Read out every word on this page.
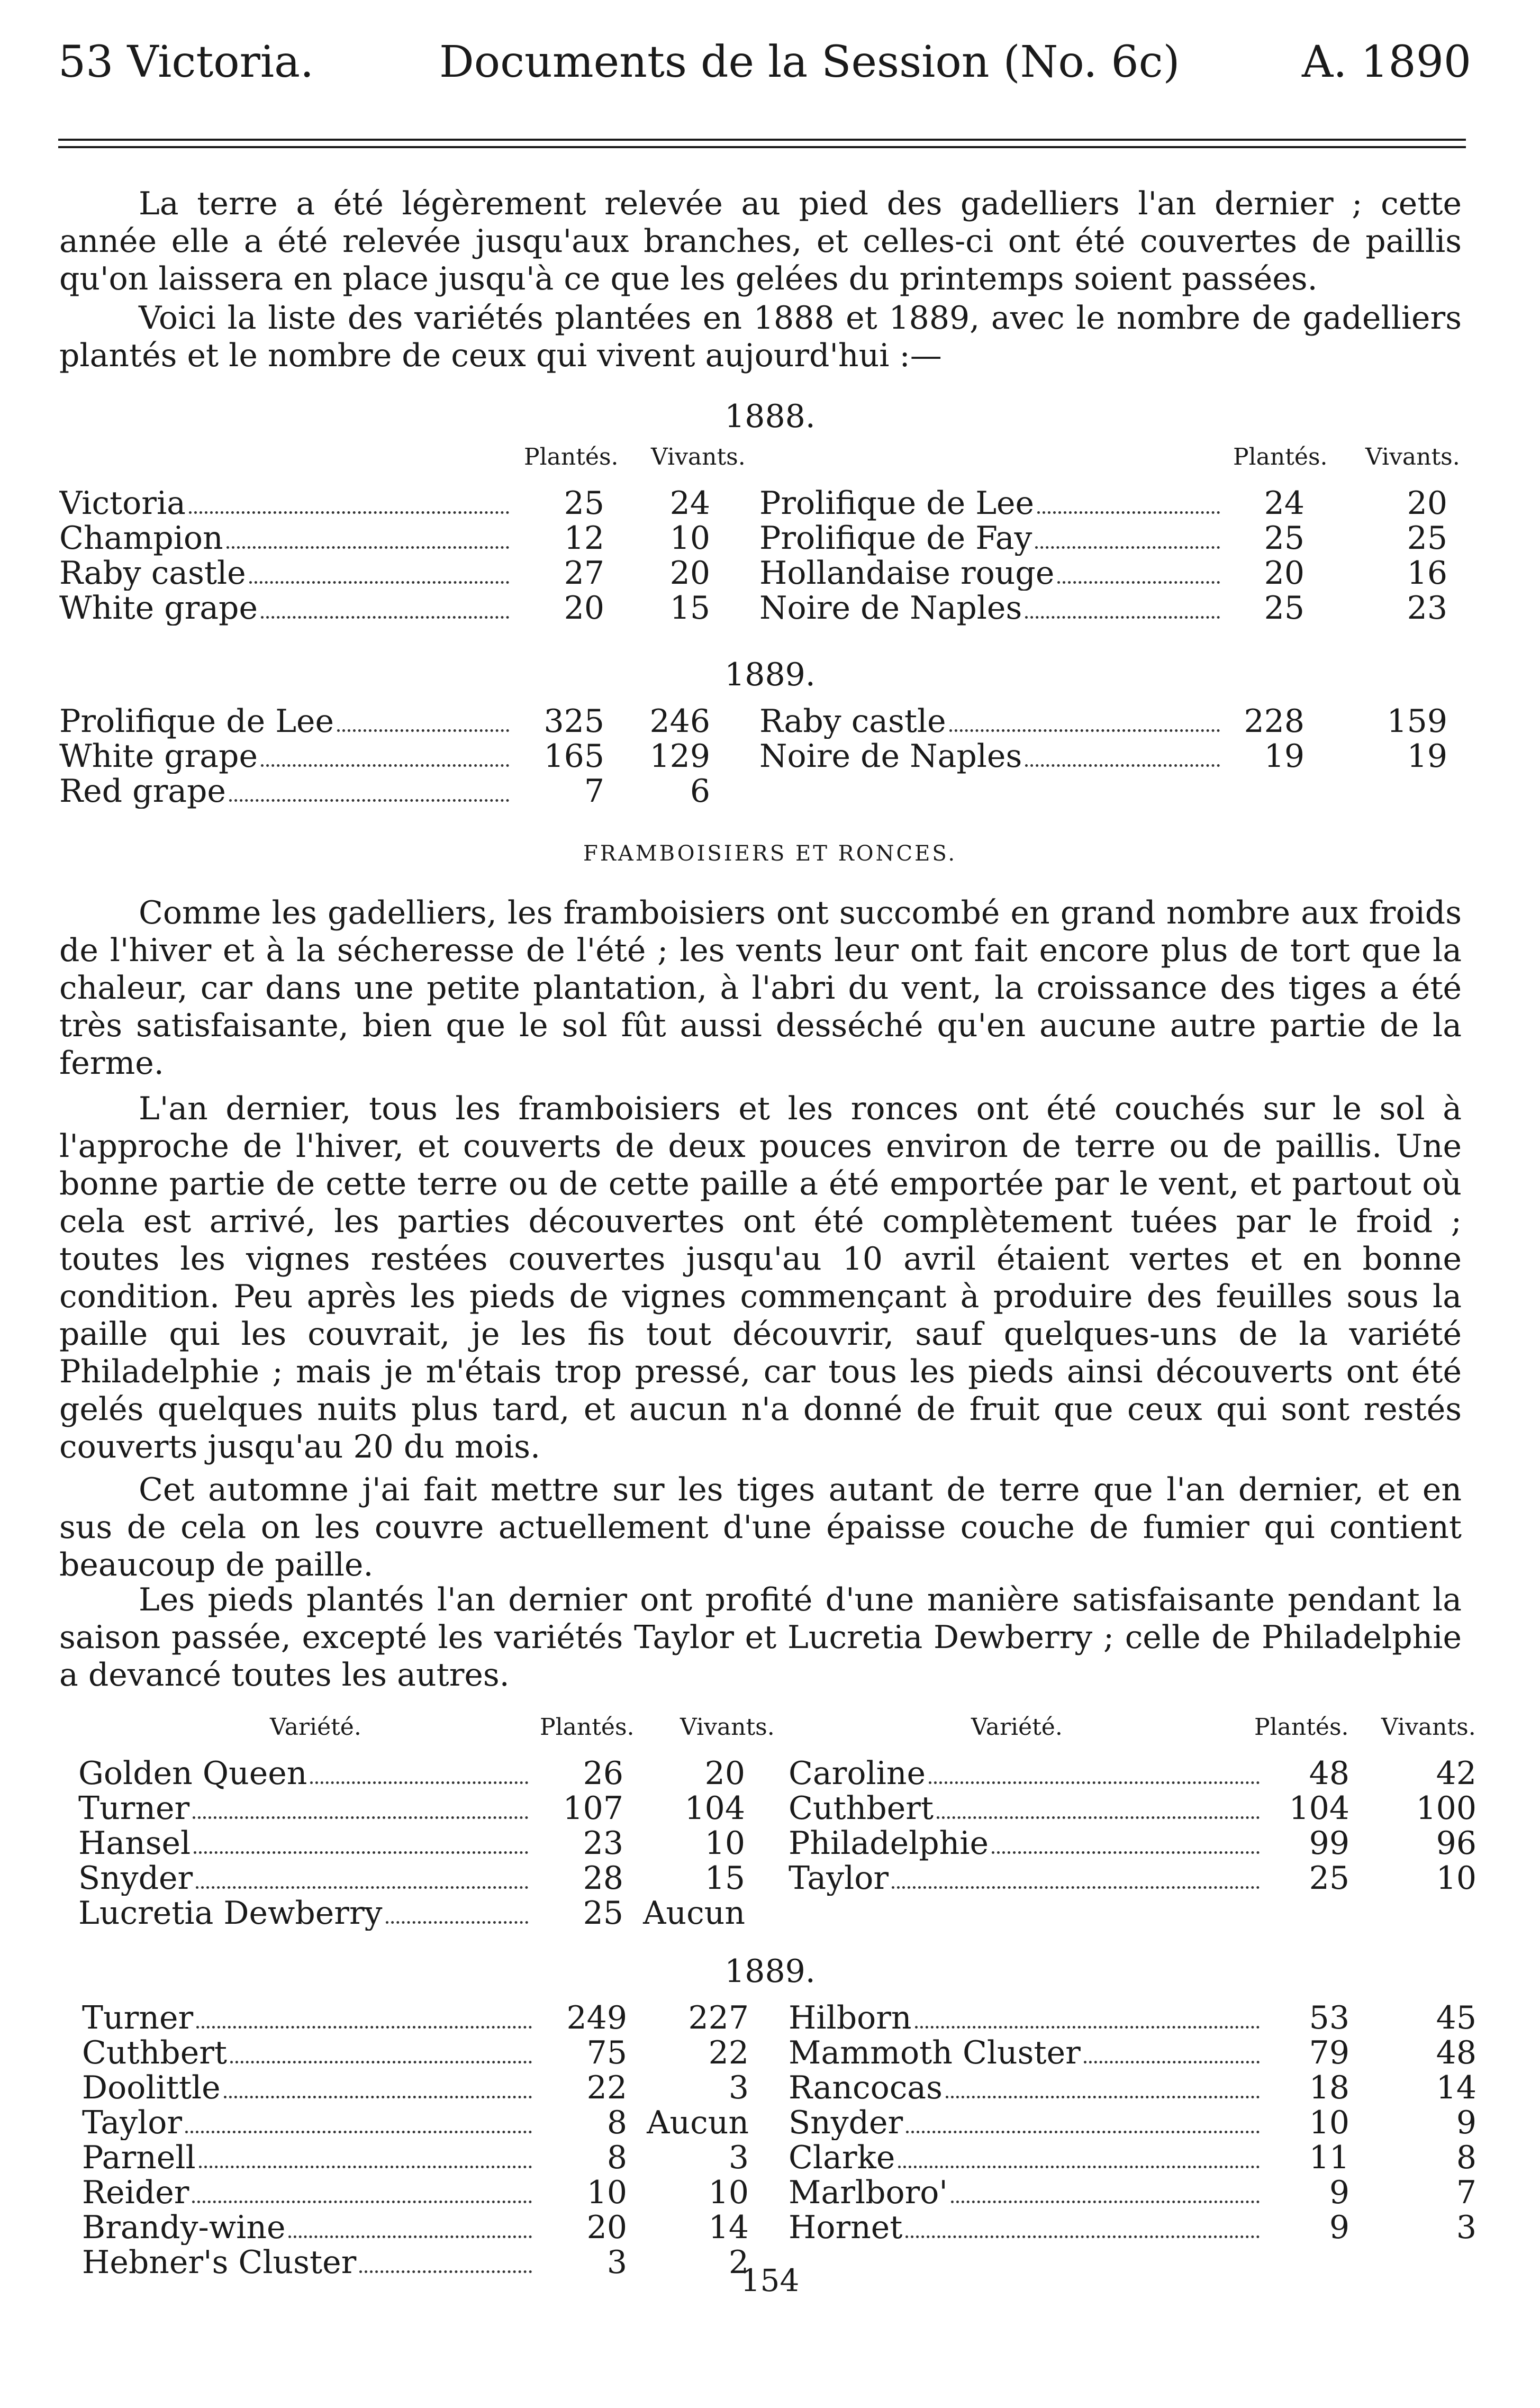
53 Victoria.	Documents de la Session (No. 6c)	A. 1890

La terre a été légèrement relevée au pied des gadelliers l'an dernier ; cette année elle a été relevée jusqu'aux branches, et celles-ci ont été couvertes de paillis qu'on laissera en place jusqu'à ce que les gelées du printemps soient passées.

Voici la liste des variétés plantées en 1888 et 1889, avec le nombre de gadelliers plantés et le nombre de ceux qui vivent aujourd'hui :—

1888.
Plantés. Vivants.	Plantés. Vivants.
Victoria	25	24
Champion	12	10
Raby castle	27	20
White grape	20	15
Prolifique de Lee	24	20
Prolifique de Fay	25	25
Hollandaise rouge	20	16
Noire de Naples	25	23
1889.
Prolifique de Lee	325	246
White grape	165	129
Red grape	7	6
Raby castle	228	159
Noire de Naples	19	19
FRAMBOISIERS ET RONCES.

Comme les gadelliers, les framboisiers ont succombé en grand nombre aux froids de l'hiver et à la sécheresse de l'été ; les vents leur ont fait encore plus de tort que la chaleur, car dans une petite plantation, à l'abri du vent, la croissance des tiges a été très satisfaisante, bien que le sol fût aussi desséché qu'en aucune autre partie de la ferme.

L'an dernier, tous les framboisiers et les ronces ont été couchés sur le sol à l'approche de l'hiver, et couverts de deux pouces environ de terre ou de paillis. Une bonne partie de cette terre ou de cette paille a été emportée par le vent, et partout où cela est arrivé, les parties découvertes ont été complètement tuées par le froid ; toutes les vignes restées couvertes jusqu'au 10 avril étaient vertes et en bonne condition. Peu après les pieds de vignes commençant à produire des feuilles sous la paille qui les couvrait, je les fis tout découvrir, sauf quelques-uns de la variété Philadelphie ; mais je m'étais trop pressé, car tous les pieds ainsi découverts ont été gelés quelques nuits plus tard, et aucun n'a donné de fruit que ceux qui sont restés couverts jusqu'au 20 du mois.

Cet automne j'ai fait mettre sur les tiges autant de terre que l'an dernier, et en sus de cela on les couvre actuellement d'une épaisse couche de fumier qui contient beaucoup de paille.

Les pieds plantés l'an dernier ont profité d'une manière satisfaisante pendant la saison passée, excepté les variétés Taylor et Lucretia Dewberry ; celle de Philadelphie a devancé toutes les autres.

Variété.	Plantés. Vivants.	Variété.	Plantés. Vivants.
Golden Queen	26	20
Turner	107	104
Hansel	23	10
Snyder	28	15
Lucretia Dewberry	25	Aucun
Caroline	48	42
Cuthbert	104	100
Philadelphie	99	96
Taylor	25	10
1889.
Turner	249	227
Cuthbert	75	22
Doolittle	22	3
Taylor	8	Aucun
Parnell	8	3
Reider	10	10
Brandy-wine	20	14
Hebner's Cluster	3	2
Hilborn	53	45
Mammoth Cluster	79	48
Rancocas	18	14
Snyder	10	9
Clarke	11	8
Marlboro'	9	7
Hornet	9	3
154
